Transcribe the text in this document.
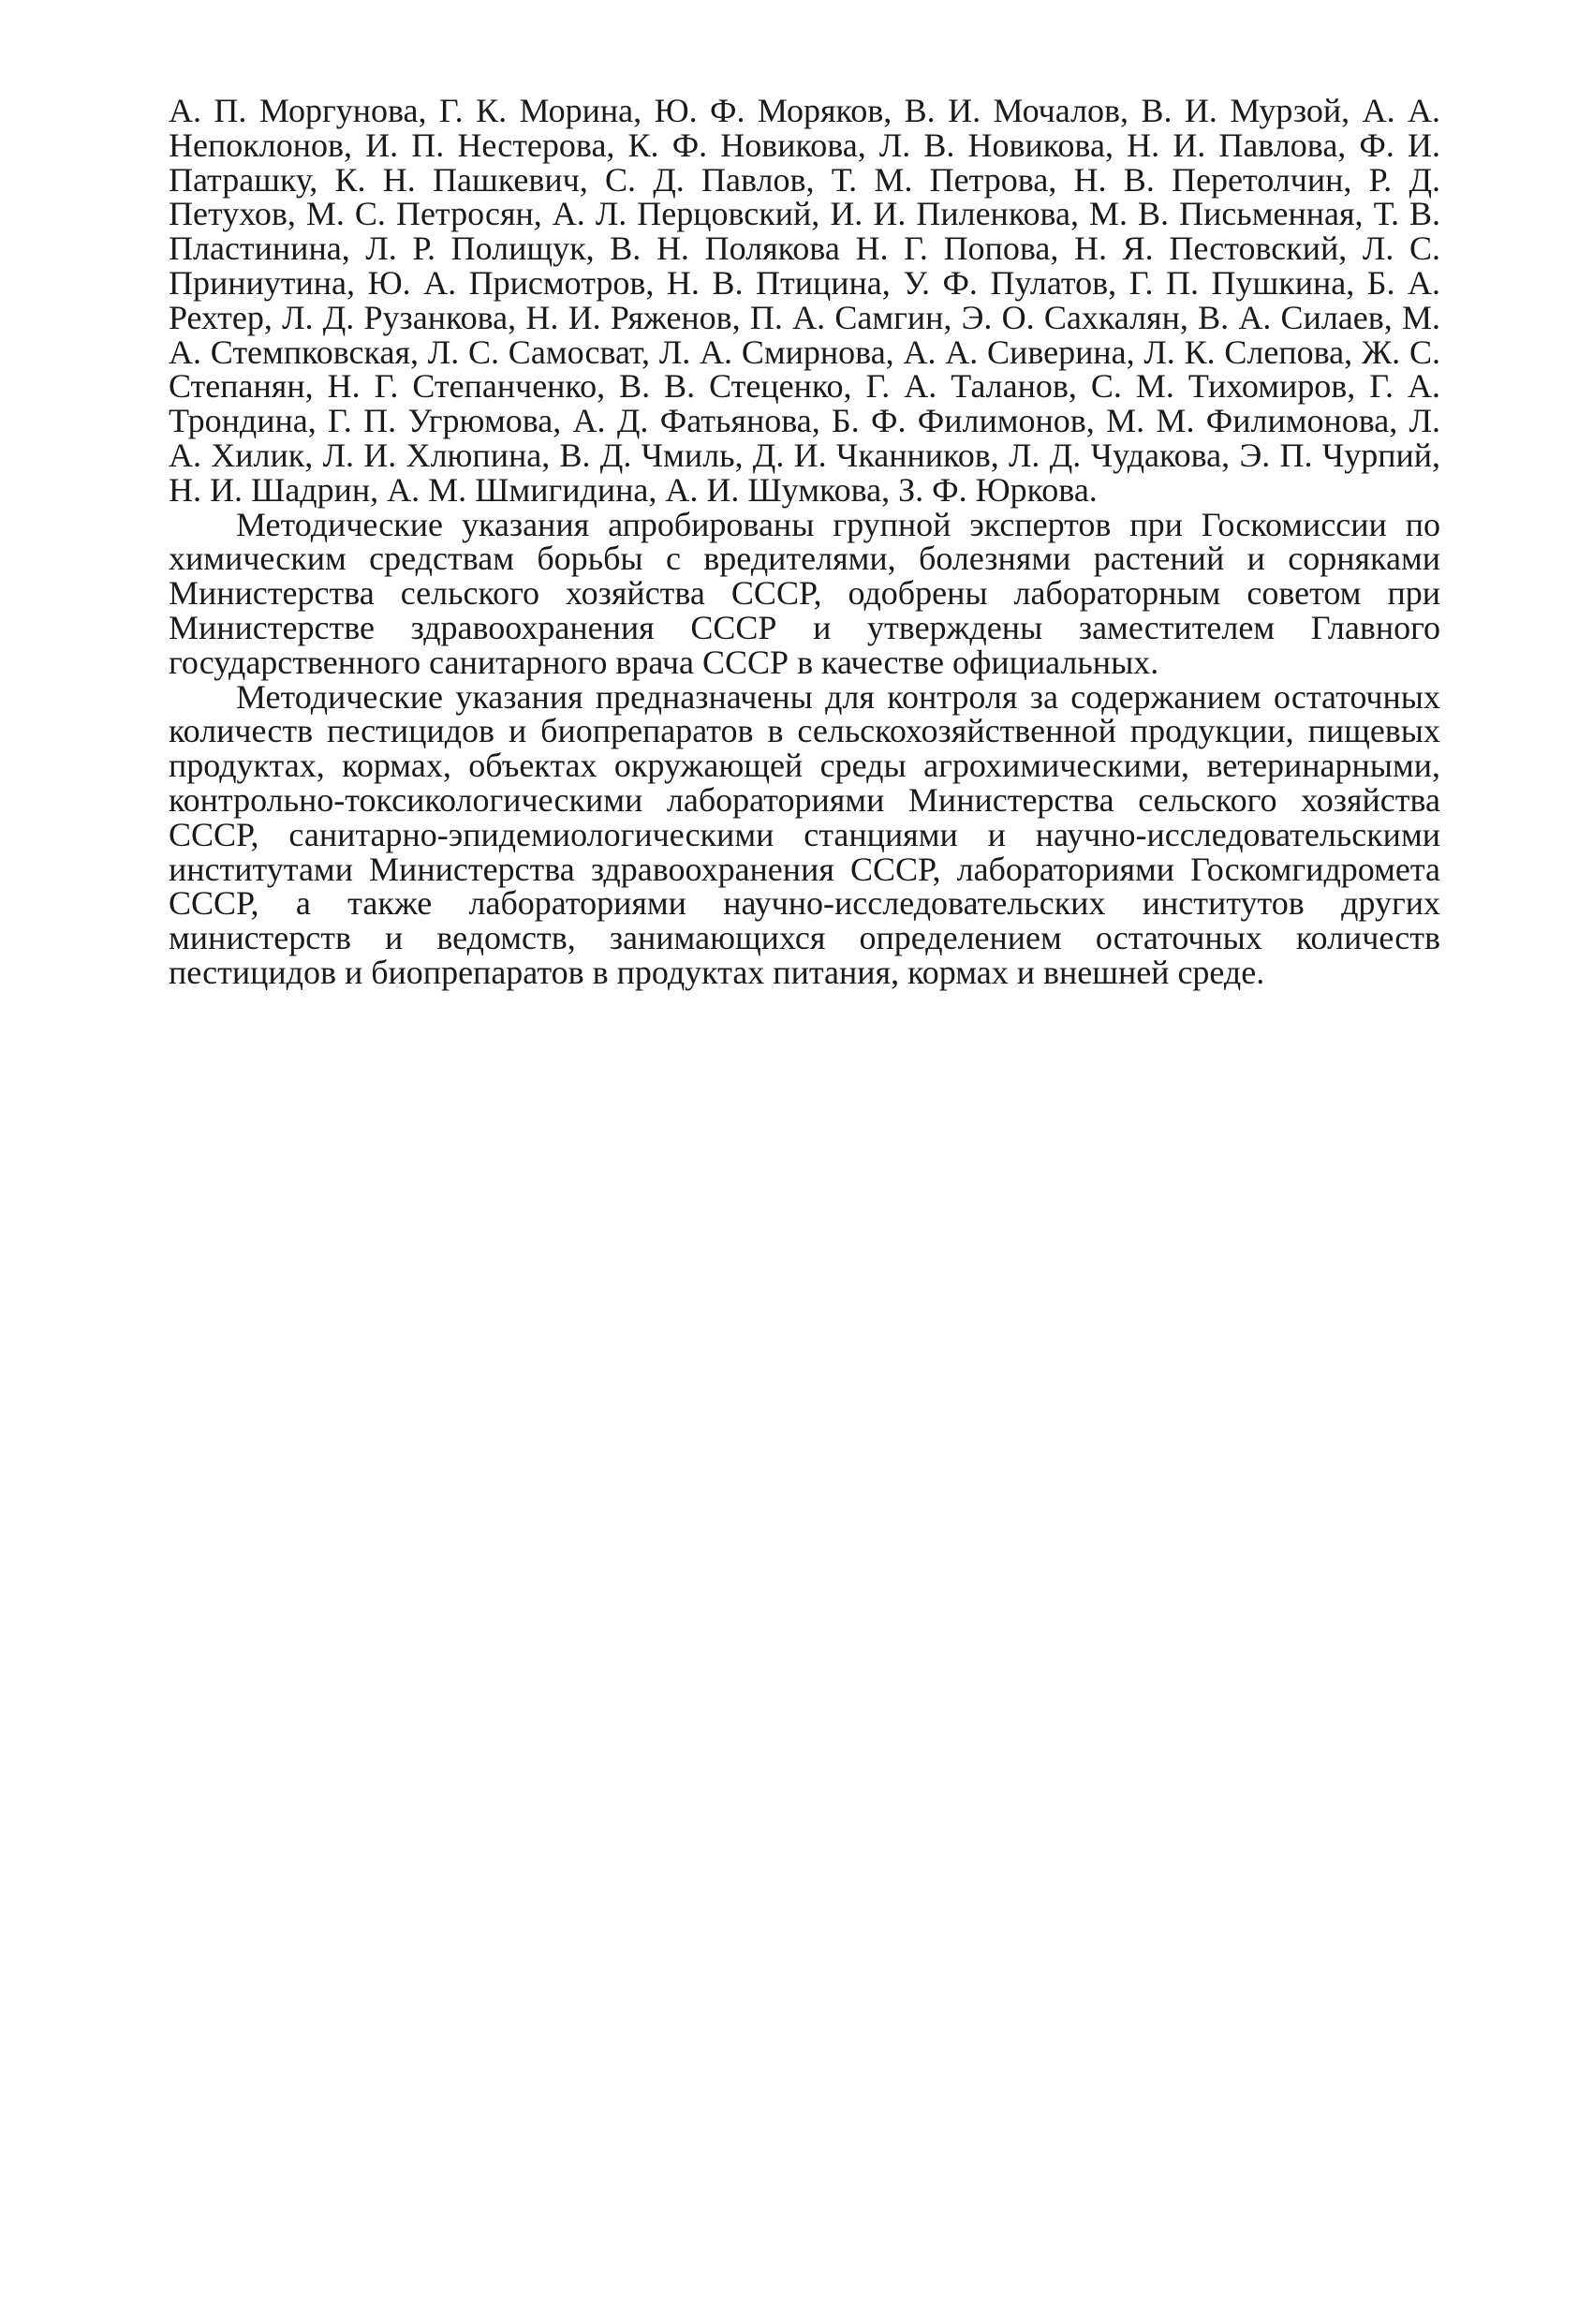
А. П. Моргунова, Г. К. Морина, Ю. Ф. Моряков, В. И. Мочалов, В. И. Мурзой, А. А. Непоклонов, И. П. Нестерова, К. Ф. Новикова, Л. В. Новикова, Н. И. Павлова, Ф. И. Патрашку, К. Н. Пашкевич, С. Д. Павлов, Т. М. Петрова, Н. В. Перетолчин, Р. Д. Петухов, М. С. Петросян, А. Л. Перцовский, И. И. Пиленкова, М. В. Письменная, Т. В. Пластинина, Л. Р. Полищук, В. Н. Полякова Н. Г. Попова, Н. Я. Пестовский, Л. С. Приниутина, Ю. А. Присмотров, Н. В. Птицина, У. Ф. Пулатов, Г. П. Пушкина, Б. А. Рехтер, Л. Д. Рузанкова, Н. И. Ряженов, П. А. Самгин, Э. О. Сахкалян, В. А. Силаев, М. А. Стемпковская, Л. С. Самосват, Л. А. Смирнова, А. А. Сиверина, Л. К. Слепова, Ж. С. Степанян, Н. Г. Степанченко, В. В. Стеценко, Г. А. Таланов, С. М. Тихомиров, Г. А. Трондина, Г. П. Угрюмова, А. Д. Фатьянова, Б. Ф. Филимонов, М. М. Филимонова, Л. А. Хилик, Л. И. Хлюпина, В. Д. Чмиль, Д. И. Чканников, Л. Д. Чудакова, Э. П. Чурпий, Н. И. Шадрин, А. М. Шмигидина, А. И. Шумкова, З. Ф. Юркова.

Методические указания апробированы групной экспертов при Госкомиссии по химическим средствам борьбы с вредителями, болезнями растений и сорняками Министерства сельского хозяйства СССР, одобрены лабораторным советом при Министерстве здравоохранения СССР и утверждены заместителем Главного государственного санитарного врача СССР в качестве официальных.

Методические указания предназначены для контроля за содержанием остаточных количеств пестицидов и биопрепаратов в сельскохозяйственной продукции, пищевых продуктах, кормах, объектах окружающей среды агрохимическими, ветеринарными, контрольно-токсикологическими лабораториями Министерства сельского хозяйства СССР, санитарно-эпидемиологическими станциями и научно-исследовательскими институтами Министерства здравоохранения СССР, лабораториями Госкомгидромета СССР, а также лабораториями научно-исследовательских институтов других министерств и ведомств, занимающихся определением остаточных количеств пестицидов и биопрепаратов в продуктах питания, кормах и внешней среде.
